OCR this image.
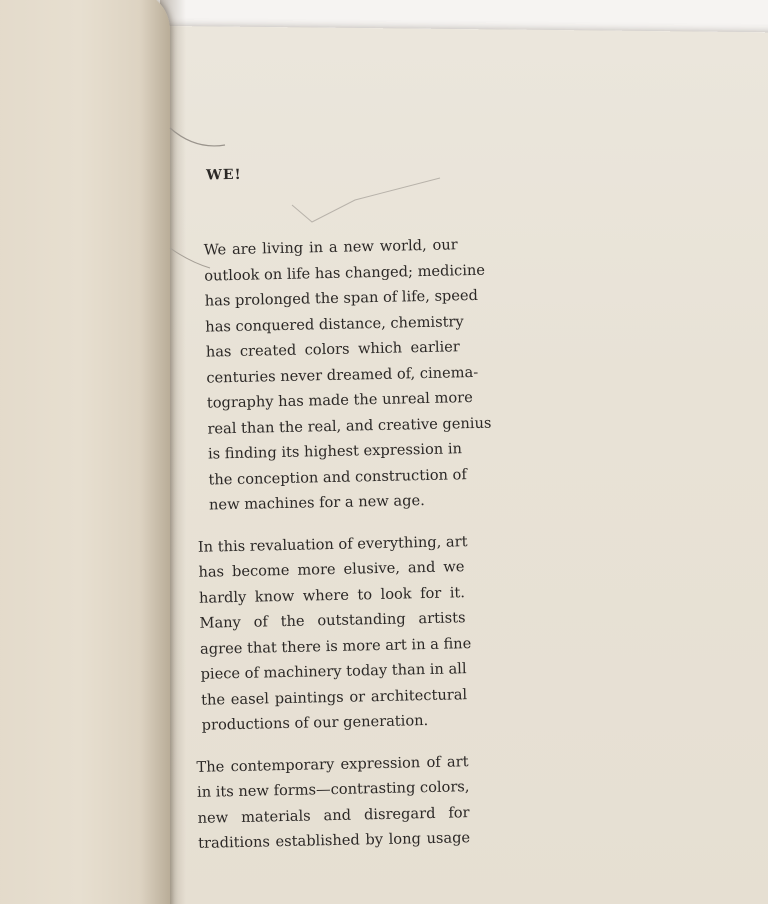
WE!

We are living in a new world, our

outlook on life has changed; medicine

has prolonged the span of life, speed

has conquered distance, chemistry

has created colors which earlier

centuries never dreamed of, cinema-

tography has made the unreal more

real than the real, and creative genius

is finding its highest expression in

the conception and construction of

new machines for a new age.

In this revaluation of everything, art

has become more elusive, and we

hardly know where to look for it.

Many of the outstanding artists

agree that there is more art in a fine

piece of machinery today than in all

the easel paintings or architectural

productions of our generation.

The contemporary expression of art

in its new forms—contrasting colors,

new materials and disregard for

traditions established by long usage
